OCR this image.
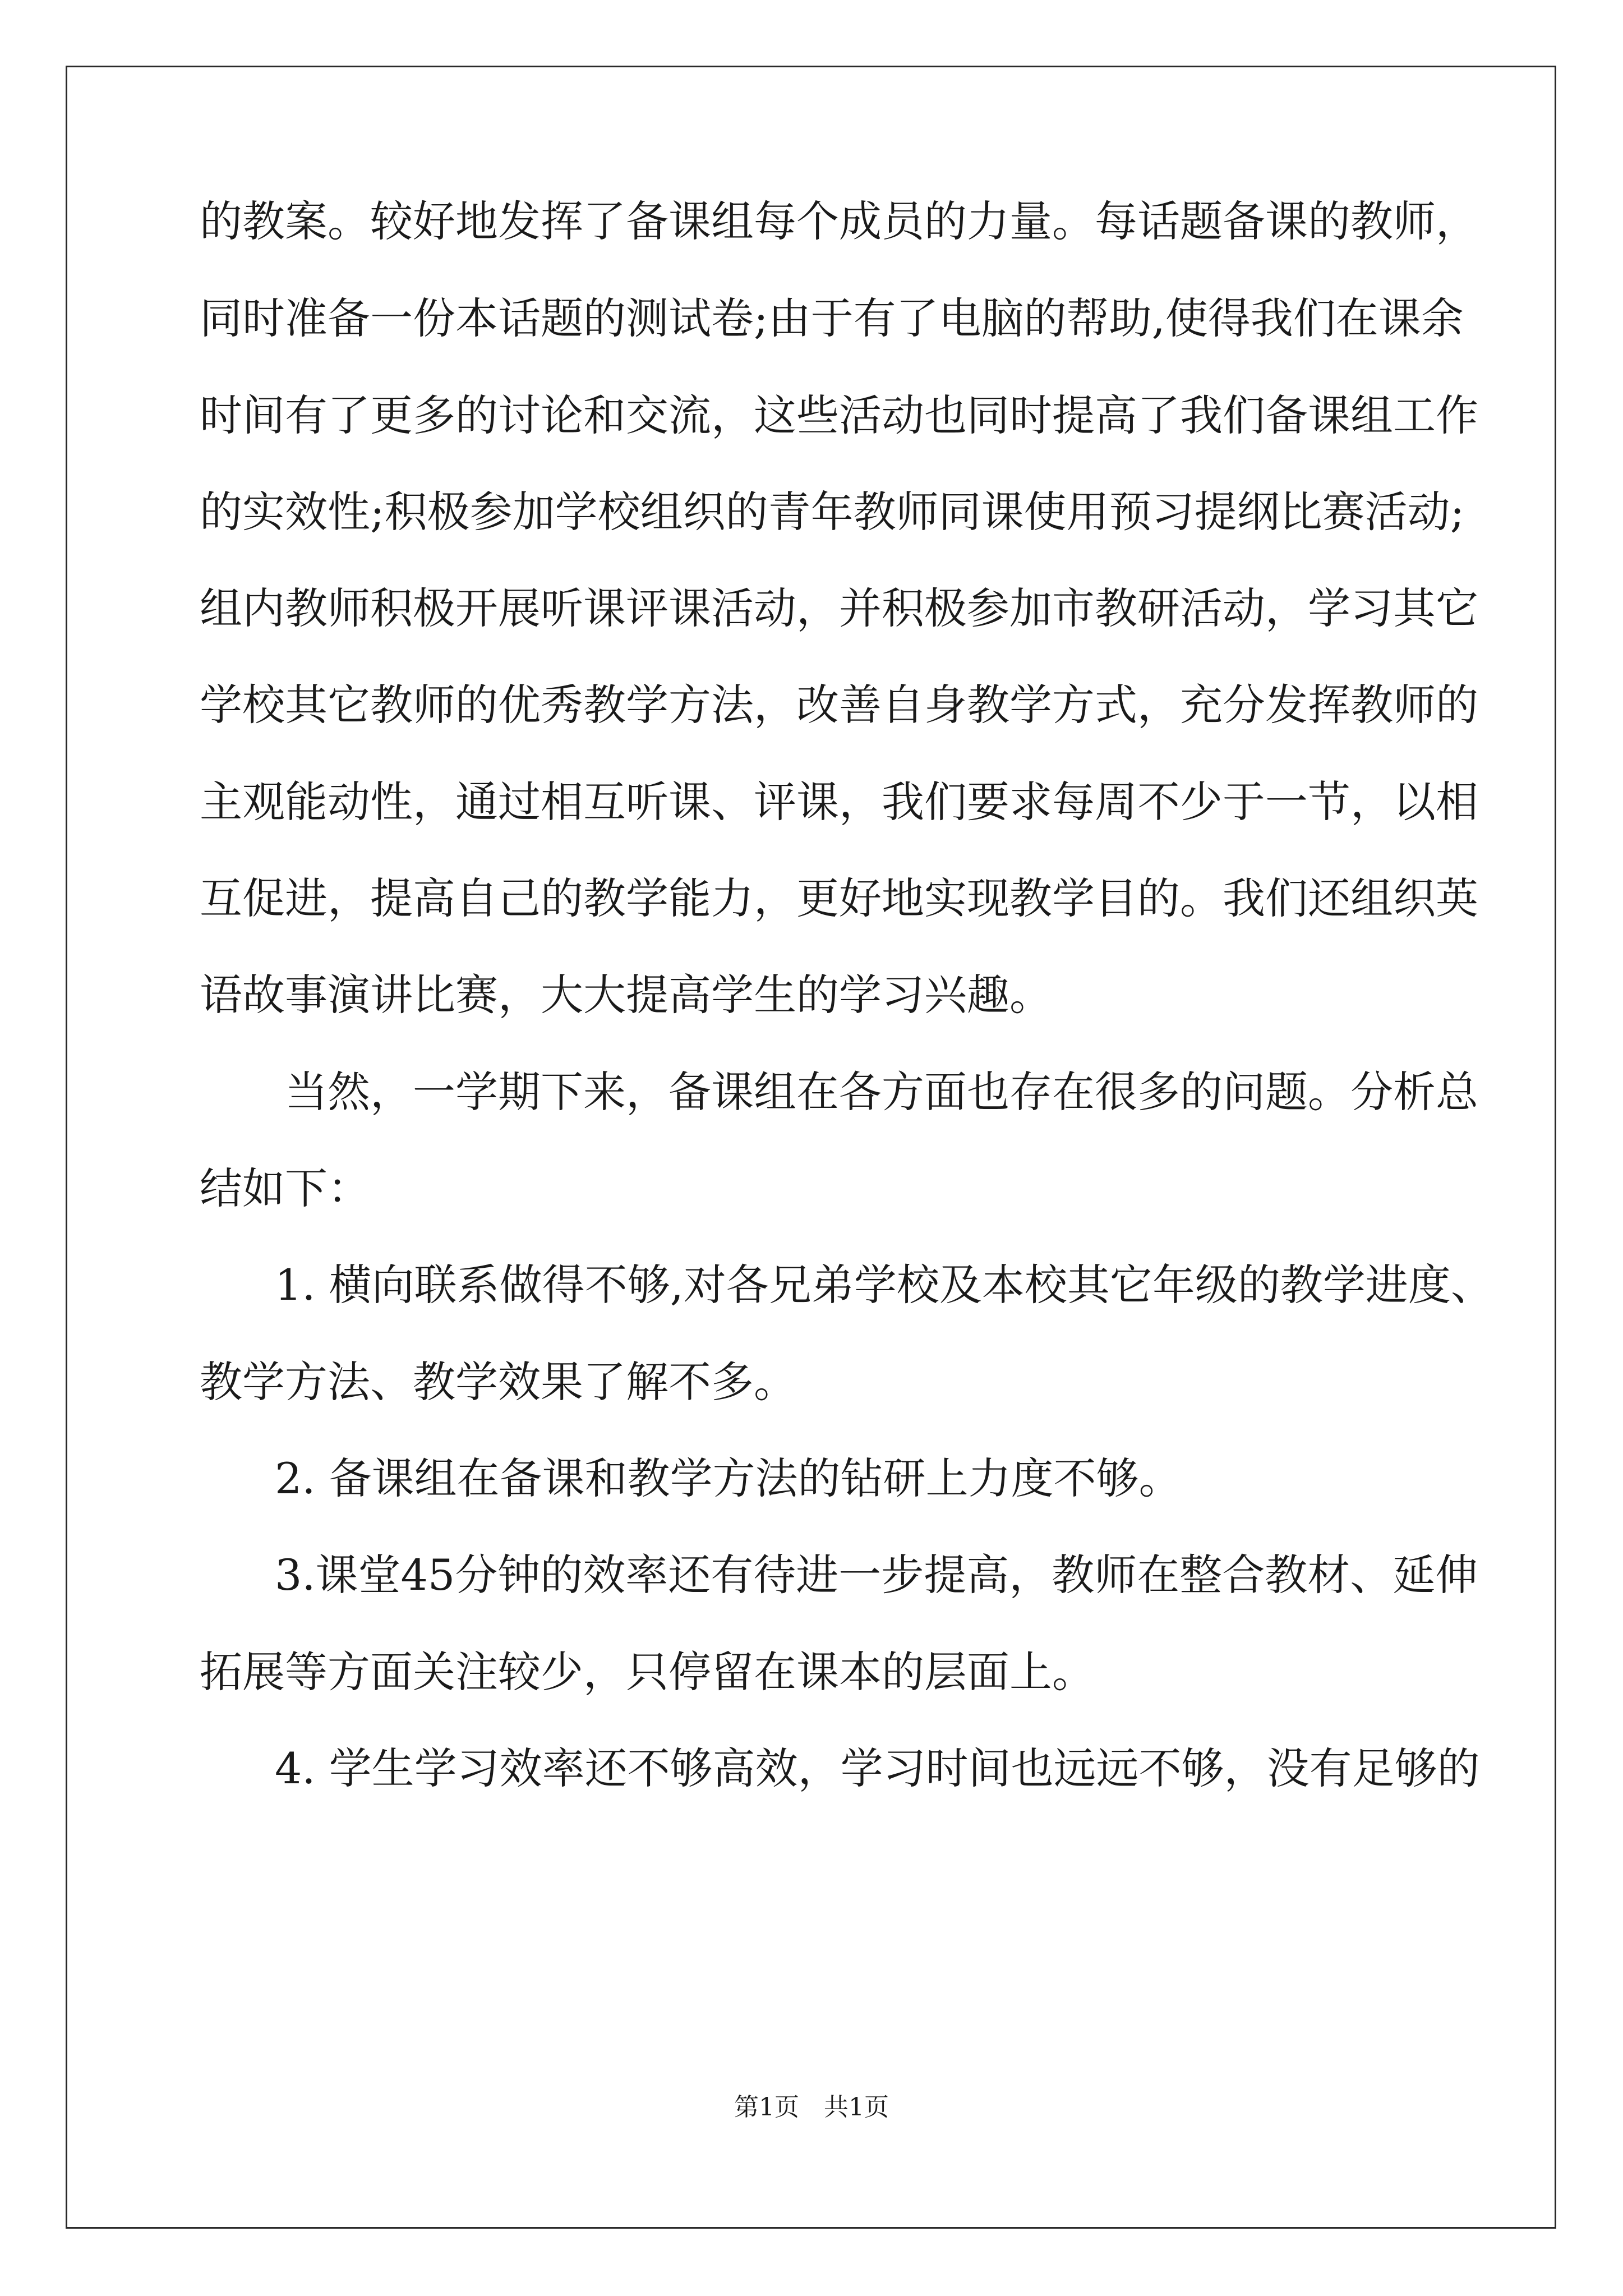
的教案。较好地发挥了备课组每个成员的力量。每话题备课的教师，
同时准备一份本话题的测试卷;由于有了电脑的帮助,使得我们在课余
时间有了更多的讨论和交流，这些活动也同时提高了我们备课组工作
的实效性;积极参加学校组织的青年教师同课使用预习提纲比赛活动;
组内教师积极开展听课评课活动，并积极参加市教研活动，学习其它
学校其它教师的优秀教学方法，改善自身教学方式，充分发挥教师的
主观能动性，通过相互听课、评课，我们要求每周不少于一节，以相
互促进，提高自己的教学能力，更好地实现教学目的。我们还组织英
语故事演讲比赛，大大提高学生的学习兴趣。
当然，一学期下来，备课组在各方面也存在很多的问题。分析总
结如下：
1. 横向联系做得不够,对各兄弟学校及本校其它年级的教学进度、
教学方法、教学效果了解不多。
2. 备课组在备课和教学方法的钻研上力度不够。
3.课堂45分钟的效率还有待进一步提高，教师在整合教材、延伸
拓展等方面关注较少，只停留在课本的层面上。
4. 学生学习效率还不够高效，学习时间也远远不够，没有足够的
第1页　共1页
